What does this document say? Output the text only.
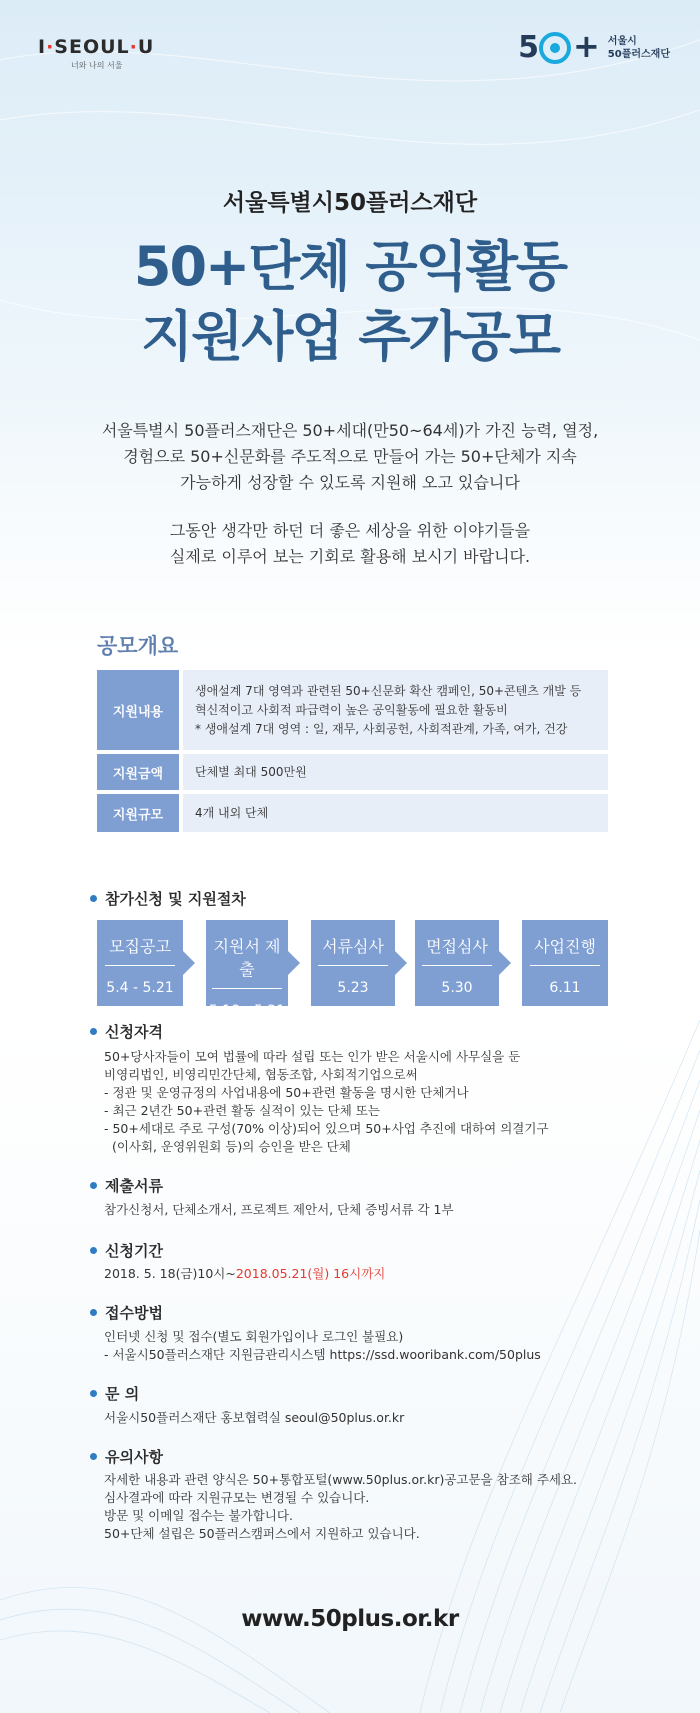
I·SEOUL·U
너와 나의 서울
5 + 서울시
50플러스재단
서울특별시50플러스재단
50+단체 공익활동
지원사업 추가공모
서울특별시 50플러스재단은 50+세대(만50~64세)가 가진 능력, 열정,
경험으로 50+신문화를 주도적으로 만들어 가는 50+단체가 지속
가능하게 성장할 수 있도록 지원해 오고 있습니다
그동안 생각만 하던 더 좋은 세상을 위한 이야기들을
실제로 이루어 보는 기회로 활용해 보시기 바랍니다.
공모개요
지원내용
생애설계 7대 영역과 관련된 50+신문화 확산 캠페인, 50+콘텐츠 개발 등
혁신적이고 사회적 파급력이 높은 공익활동에 필요한 활동비
* 생애설계 7대 영역 : 일, 재무, 사회공헌, 사회적관계, 가족, 여가, 건강
지원금액	단체별 최대 500만원
지원규모	4개 내외 단체
참가신청 및 지원절차
모집공고
5.4 - 5.21
지원서 제출
5.18 - 5.21
서류심사
5.23
면접심사
5.30
사업진행
6.11
신청자격
50+당사자들이 모여 법률에 따라 설립 또는 인가 받은 서울시에 사무실을 둔
비영리법인, 비영리민간단체, 협동조합, 사회적기업으로써
- 정관 및 운영규정의 사업내용에 50+관련 활동을 명시한 단체거나
- 최근 2년간 50+관련 활동 실적이 있는 단체 또는
- 50+세대로 주로 구성(70% 이상)되어 있으며 50+사업 추진에 대하여 의결기구
(이사회, 운영위원회 등)의 승인을 받은 단체
제출서류
참가신청서, 단체소개서, 프로젝트 제안서, 단체 증빙서류 각 1부
신청기간
2018. 5. 18(금)10시~2018.05.21(월) 16시까지
접수방법
인터넷 신청 및 접수(별도 회원가입이나 로그인 불필요)
- 서울시50플러스재단 지원금관리시스템 https://ssd.wooribank.com/50plus
문 의
서울시50플러스재단 홍보협력실 seoul@50plus.or.kr
유의사항
자세한 내용과 관련 양식은 50+통합포털(www.50plus.or.kr)공고문을 참조해 주세요.
심사결과에 따라 지원규모는 변경될 수 있습니다.
방문 및 이메일 접수는 불가합니다.
50+단체 설립은 50플러스캠퍼스에서 지원하고 있습니다.
www.50plus.or.kr
